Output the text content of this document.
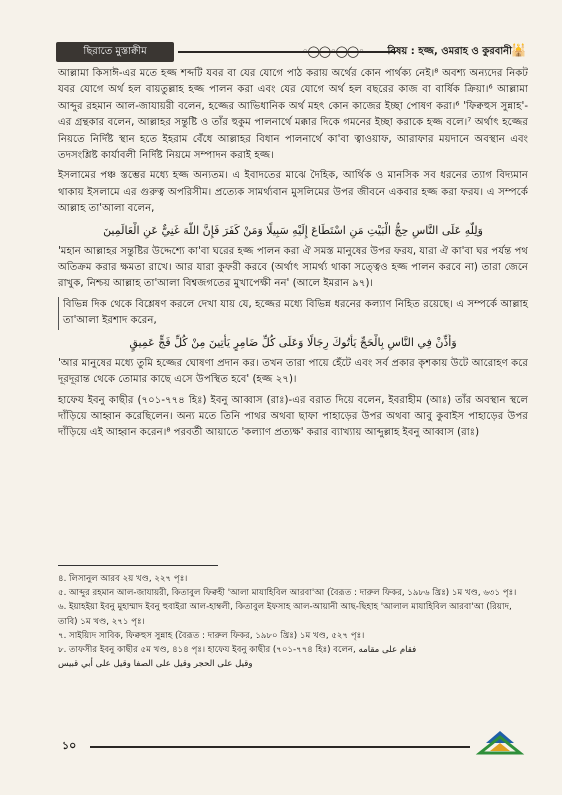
ছিরাতে মুস্তাক্বীম	◦◯◯◦◯◯◦ বিষয় : হজ্জ, ওমরাহ ও কুরবানী 🕌

আল্লামা কিসাঈ-এর মতে হজ্জ শব্দটি যবর বা যের যোগে পাঠ করায় অর্থের কোন পার্থক্য নেই।⁸ অবশ্য অন্যদের নিকট যবর যোগে অর্থ হল বায়তুল্লাহ হজ্জ পালন করা এবং যের যোগে অর্থ হল বছরের কাজ বা বার্ষিক ক্রিয়া।⁶ আল্লামা আব্দুর রহমান আল-জাযায়রী বলেন, হজ্জের আভিধানিক অর্থ মহৎ কোন কাজের ইচ্ছা পোষণ করা।⁶ 'ফিক্বহুস সুন্নাহ'-এর গ্রন্থকার বলেন, আল্লাহর সন্তুষ্টি ও তাঁর হুকুম পালনার্থে মক্কার দিকে গমনের ইচ্ছা করাকে হজ্জ বলে।⁷ অর্থাৎ হজ্জের নিয়তে নির্দিষ্ট স্থান হতে ইহরাম বেঁধে আল্লাহর বিধান পালনার্থে কা'বা ত্বাওয়াফ, আরাফার ময়দানে অবস্থান এবং তদসংশ্লিষ্ট কার্যাবলী নির্দিষ্ট নিয়মে সম্পাদন করাই হজ্জ।

ইসলামের পঞ্চ স্তম্ভের মধ্যে হজ্জ অন্যতম। এ ইবাদতের মাঝে দৈহিক, আর্থিক ও মানসিক সব ধরনের ত্যাগ বিদ্যমান থাকায় ইসলামে এর গুরুত্ব অপরিসীম। প্রত্যেক সামর্থ্যবান মুসলিমের উপর জীবনে একবার হজ্জ করা ফরয। এ সম্পর্কে আল্লাহ তা'আলা বলেন,

وَلِلَّهِ عَلَى النَّاسِ حِجُّ الْبَيْتِ مَنِ اسْتَطَاعَ إِلَيْهِ سَبِيلًا وَمَنْ كَفَرَ فَإِنَّ اللَّهَ غَنِيٌّ عَنِ الْعَالَمِينَ

'মহান আল্লাহর সন্তুষ্টির উদ্দেশ্যে কা'বা ঘরের হজ্জ পালন করা ঐ সমস্ত মানুষের উপর ফরয, যারা ঐ কা'বা ঘর পর্যন্ত পথ অতিক্রম করার ক্ষমতা রাখে। আর যারা কুফরী করবে (অর্থাৎ সামর্থ্য থাকা সত্ত্বেও হজ্জ পালন করবে না) তারা জেনে রাখুক, নিশ্চয় আল্লাহ তা'আলা বিশ্বজগতের মুখাপেক্ষী নন' (আলে ইমরান ৯৭)।

বিভিন্ন দিক থেকে বিশ্লেষণ করলে দেখা যায় যে, হজ্জের মধ্যে বিভিন্ন ধরনের কল্যাণ নিহিত রয়েছে। এ সম্পর্কে আল্লাহ তা'আলা ইরশাদ করেন,

وَأَذِّنْ فِي النَّاسِ بِالْحَجِّ يَأْتُوكَ رِجَالًا وَعَلَى كُلِّ ضَامِرٍ يَأْتِينَ مِنْ كُلِّ فَجٍّ عَمِيقٍ

'আর মানুষের মধ্যে তুমি হজ্জের ঘোষণা প্রদান কর। তখন তারা পায়ে হেঁটে এবং সর্ব প্রকার কৃশকায় উটে আরোহণ করে দূরদূরান্ত থেকে তোমার কাছে এসে উপস্থিত হবে' (হজ্জ ২৭)।

হাফেয ইবনু কাছীর (৭০১-৭৭৪ হিঃ) ইবনু আব্বাস (রাঃ)-এর বরাত দিয়ে বলেন, ইবরাহীম (আঃ) তাঁর অবস্থান স্থলে দাঁড়িয়ে আহ্বান করেছিলেন। অন্য মতে তিনি পাথর অথবা ছাফা পাহাড়ের উপর অথবা আবু কুবাইস পাহাড়ের উপর দাঁড়িয়ে এই আহ্বান করেন।⁸ পরবর্তী আয়াতে 'কল্যাণ প্রত্যক্ষ' করার ব্যাখ্যায় আব্দুল্লাহ ইবনু আব্বাস (রাঃ)

৪. লিসানুল আরব ২য় খণ্ড, ২২৭ পৃঃ।

৫. আব্দুর রহমান আল-জাযায়রী, কিতাবুল ফিক্বহী 'আলা মাযাহিবিল আরবা'আ (বৈরূত : দারুল ফিকর, ১৯৮৬ খ্রিঃ) ১ম খণ্ড, ৬৩১ পৃঃ।

৬. ইয়াহইয়া ইবনু মুহাম্মাদ ইবনু হুবাইরা আল-হাম্বলী, কিতাবুল ইফসাহ আল-আয়ানী আছ-ছিহাহ 'আলাল মাযাহিবিল আরবা'আ (রিয়াদ, তাবি) ১ম খণ্ড, ২৭১ পৃঃ।

৭. সাইয়্যিদ সাবিক, ফিক্বহুস সুন্নাহ (বৈরূত : দারুল ফিকর, ১৯৮০ খ্রিঃ) ১ম খণ্ড, ৫২৭ পৃঃ।

৮. তাফসীর ইবনু কাছীর ৫ম খণ্ড, ৪১৪ পৃঃ। হাফেয ইবনু কাছীর (৭০১-৭৭৪ হিঃ) বলেন, فقام على مقامه

وقيل على الحجر وقيل على الصفا وقيل على أبي قبيس

১০
